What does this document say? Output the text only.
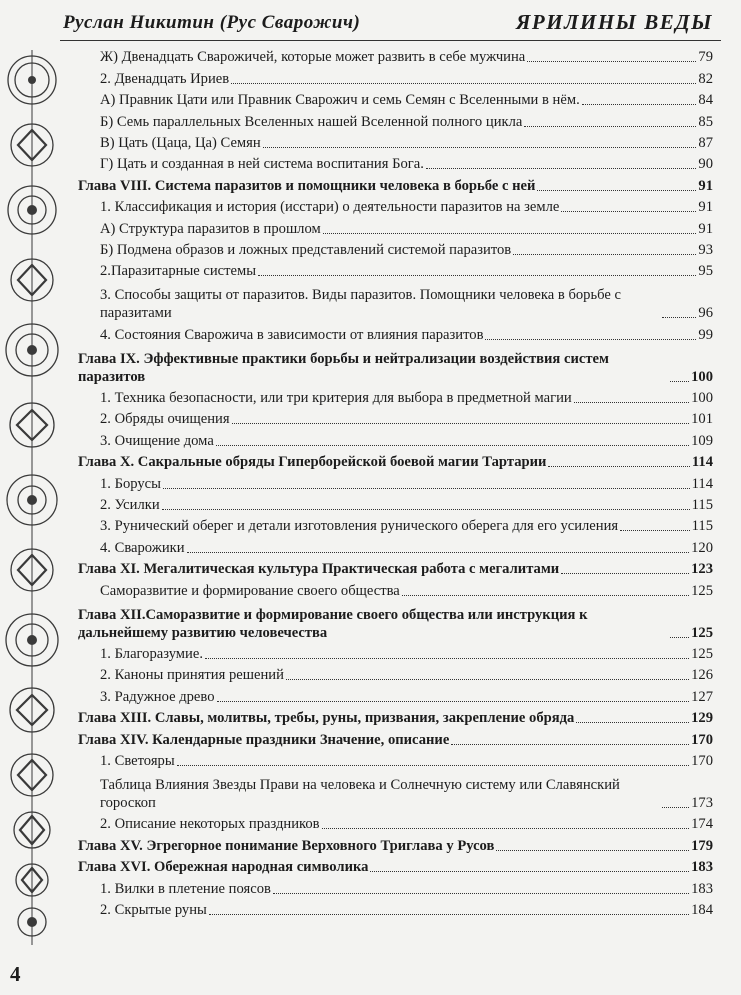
Руслан Никитин (Рус Сварожич)	ЯРИЛИНЫ ВЕДЫ
Ж) Двенадцать Сварожичей, которые может развить в себе мужчина	79
2. Двенадцать Ириев	82
А) Правник Цати или Правник Сварожич и семь Семян с Вселенными в нём.	84
Б) Семь параллельных Вселенных нашей Вселенной полного цикла	85
В) Цать (Цаца, Ца) Семян	87
Г) Цать и созданная в ней система воспитания Бога.	90
Глава VIII. Система паразитов и помощники человека в борьбе с ней	91
1. Классификация и история (исстари) о деятельности паразитов на земле	91
А) Структура паразитов в прошлом	91
Б) Подмена образов и ложных представлений системой паразитов	93
2.Паразитарные системы	95
3. Способы защиты от паразитов. Виды паразитов. Помощники человека в борьбе с паразитами	96
4. Состояния Сварожича в зависимости от влияния паразитов	99
Глава IX. Эффективные практики борьбы и нейтрализации воздействия систем паразитов	100
1. Техника безопасности, или три критерия для выбора в предметной магии	100
2. Обряды очищения	101
3. Очищение дома	109
Глава X. Сакральные обряды Гиперборейской боевой магии Тартарии	114
1. Борусы	114
2. Усилки	115
3. Рунический оберег и детали изготовления рунического оберега для его усиления	115
4. Сварожики	120
Глава XI. Мегалитическая культура Практическая работа с мегалитами	123
Саморазвитие и формирование своего общества	125
Глава XII.Саморазвитие и формирование своего общества или инструкция к дальнейшему развитию человечества	125
1. Благоразумие.	125
2. Каноны принятия решений	126
3. Радужное древо	127
Глава XIII. Славы, молитвы, требы, руны, призвания, закрепление обряда	129
Глава XIV. Календарные праздники Значение, описание	170
1. Светояры	170
Таблица Влияния Звезды Прави на человека и Солнечную систему или Славянский гороскоп	173
2. Описание некоторых праздников	174
Глава XV. Эгрегорное понимание Верховного Триглава у Русов	179
Глава XVI. Обережная народная символика	183
1. Вилки в плетение поясов	183
2. Скрытые руны	184
4
